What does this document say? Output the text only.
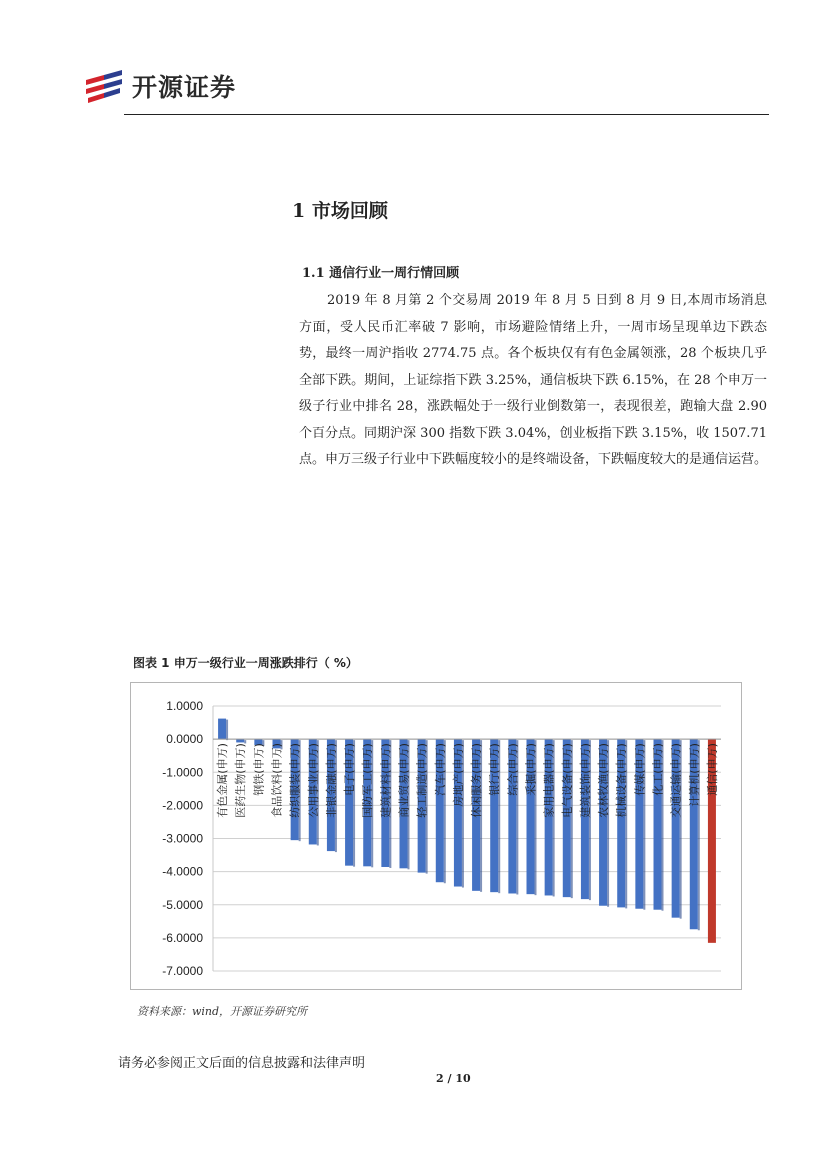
开源证券
1 市场回顾
1.1 通信行业一周行情回顾

2019 年 8 月第 2 个交易周 2019 年 8 月 5 日到 8 月 9 日,本周市场消息方面，受人民币汇率破 7 影响，市场避险情绪上升，一周市场呈现单边下跌态势，最终一周沪指收 2774.75 点。各个板块仅有有色金属领涨，28 个板块几乎全部下跌。期间，上证综指下跌 3.25%，通信板块下跌 6.15%，在 28 个申万一级子行业中排名 28，涨跌幅处于一级行业倒数第一，表现很差，跑输大盘 2.90 个百分点。同期沪深 300 指数下跌 3.04%，创业板指下跌 3.15%，收 1507.71 点。申万三级子行业中下跌幅度较小的是终端设备，下跌幅度较大的是通信运营。

图表 1 申万一级行业一周涨跌排行（ %）
1.0000
0.0000
-1.0000
-2.0000
-3.0000
-4.0000
-5.0000
-6.0000
-7.0000
有色金属(申万) 医药生物(申万) 钢铁(申万) 食品饮料(申万) 纺织服装(申万) 公用事业(申万) 非银金融(申万) 电子(申万) 国防军工(申万) 建筑材料(申万) 商业贸易(申万) 轻工制造(申万) 汽车(申万) 房地产(申万) 休闲服务(申万) 银行(申万) 综合(申万) 采掘(申万) 家用电器(申万) 电气设备(申万) 建筑装饰(申万) 农林牧渔(申万) 机械设备(申万) 传媒(申万) 化工(申万) 交通运输(申万) 计算机(申万) 通信(申万)
资料来源：wind，开源证券研究所
请务必参阅正文后面的信息披露和法律声明
2 / 10
